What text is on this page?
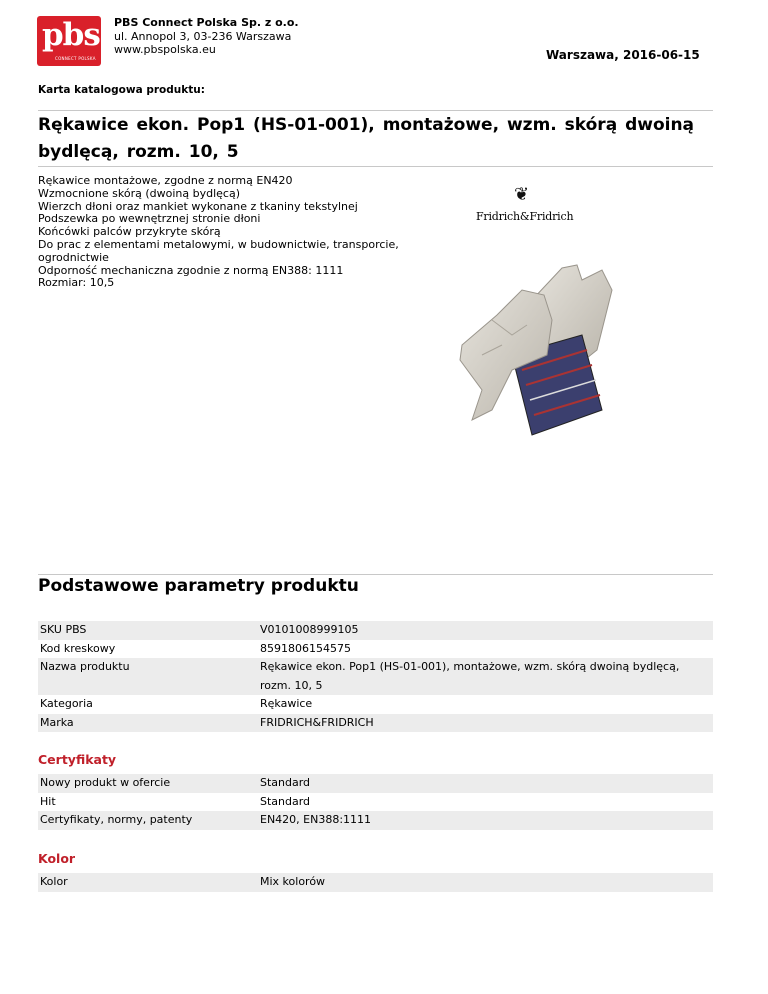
pbs
CONNECT POLSKA
PBS Connect Polska Sp. z o.o.
ul. Annopol 3, 03-236 Warszawa
www.pbspolska.eu	Warszawa, 2016-06-15
Karta katalogowa produktu:
Rękawice ekon. Pop1 (HS-01-001), montażowe, wzm. skórą dwoiną bydlęcą, rozm. 10, 5
Rękawice montażowe, zgodne z normą EN420
Wzmocnione skórą (dwoiną bydlęcą)
Wierzch dłoni oraz mankiet wykonane z tkaniny tekstylnej
Podszewka po wewnętrznej stronie dłoni
Końcówki palców przykryte skórą
Do prac z elementami metalowymi, w budownictwie, transporcie, ogrodnictwie
Odporność mechaniczna zgodnie z normą EN388: 1111
Rozmiar: 10,5
❦
Fridrich&Fridrich
Podstawowe parametry produktu
SKU PBS	V0101008999105
Kod kreskowy	8591806154575
Nazwa produktu	Rękawice ekon. Pop1 (HS-01-001), montażowe, wzm. skórą dwoiną bydlęcą, rozm. 10, 5
Kategoria	Rękawice
Marka	FRIDRICH&FRIDRICH
Certyfikaty
Nowy produkt w ofercie	Standard
Hit	Standard
Certyfikaty, normy, patenty	EN420, EN388:1111
Kolor
Kolor	Mix kolorów
